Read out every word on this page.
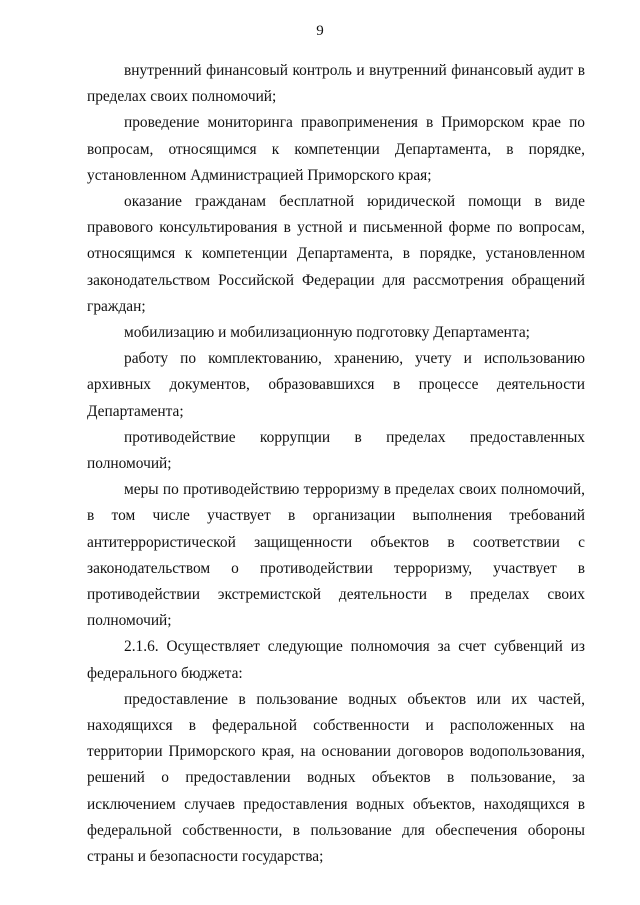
9

внутренний финансовый контроль и внутренний финансовый аудит в пределах своих полномочий;

проведение мониторинга правоприменения в Приморском крае по вопросам, относящимся к компетенции Департамента, в порядке, установленном Администрацией Приморского края;

оказание гражданам бесплатной юридической помощи в виде правового консультирования в устной и письменной форме по вопросам, относящимся к компетенции Департамента, в порядке, установленном законодательством Российской Федерации для рассмотрения обращений граждан;

мобилизацию и мобилизационную подготовку Департамента;

работу по комплектованию, хранению, учету и использованию архивных документов, образовавшихся в процессе деятельности Департамента;

противодействие коррупции в пределах предоставленных полномочий;

меры по противодействию терроризму в пределах своих полномочий, в том числе участвует в организации выполнения требований антитеррористической защищенности объектов в соответствии с законодательством о противодействии терроризму, участвует в противодействии экстремистской деятельности в пределах своих полномочий;

2.1.6. Осуществляет следующие полномочия за счет субвенций из федерального бюджета:

предоставление в пользование водных объектов или их частей, находящихся в федеральной собственности и расположенных на территории Приморского края, на основании договоров водопользования, решений о предоставлении водных объектов в пользование, за исключением случаев предоставления водных объектов, находящихся в федеральной собственности, в пользование для обеспечения обороны страны и безопасности государства;
